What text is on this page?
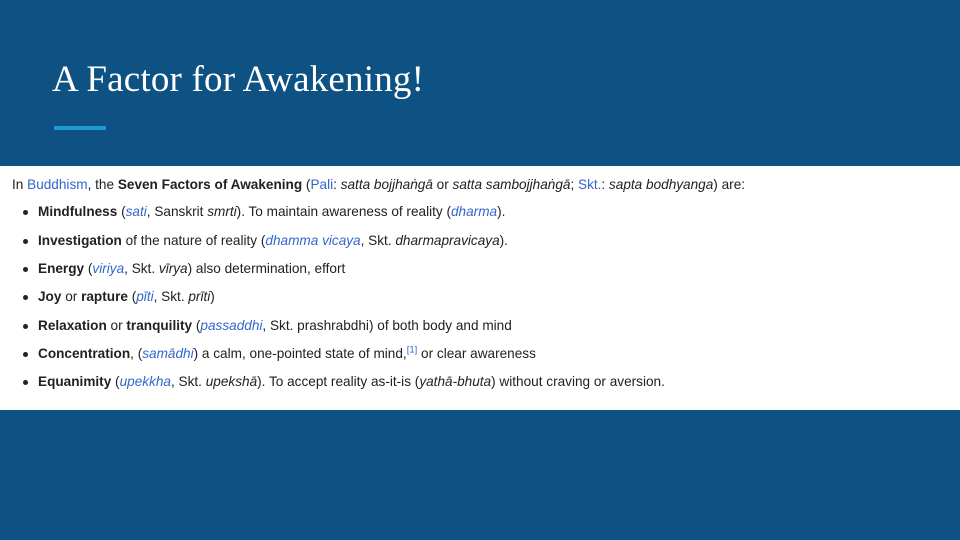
A Factor for Awakening!

In Buddhism, the Seven Factors of Awakening (Pali: satta bojjhaṅgā or satta sambojjhaṅgā; Skt.: sapta bodhyanga) are:

Mindfulness (sati, Sanskrit smrti). To maintain awareness of reality (dharma).
Investigation of the nature of reality (dhamma vicaya, Skt. dharmapravicaya).
Energy (viriya, Skt. vīrya) also determination, effort
Joy or rapture (pīti, Skt. prīti)
Relaxation or tranquility (passaddhi, Skt. prashrabdhi) of both body and mind
Concentration, (samādhi) a calm, one-pointed state of mind,[1] or clear awareness
Equanimity (upekkha, Skt. upekshā). To accept reality as-it-is (yathā-bhuta) without craving or aversion.
